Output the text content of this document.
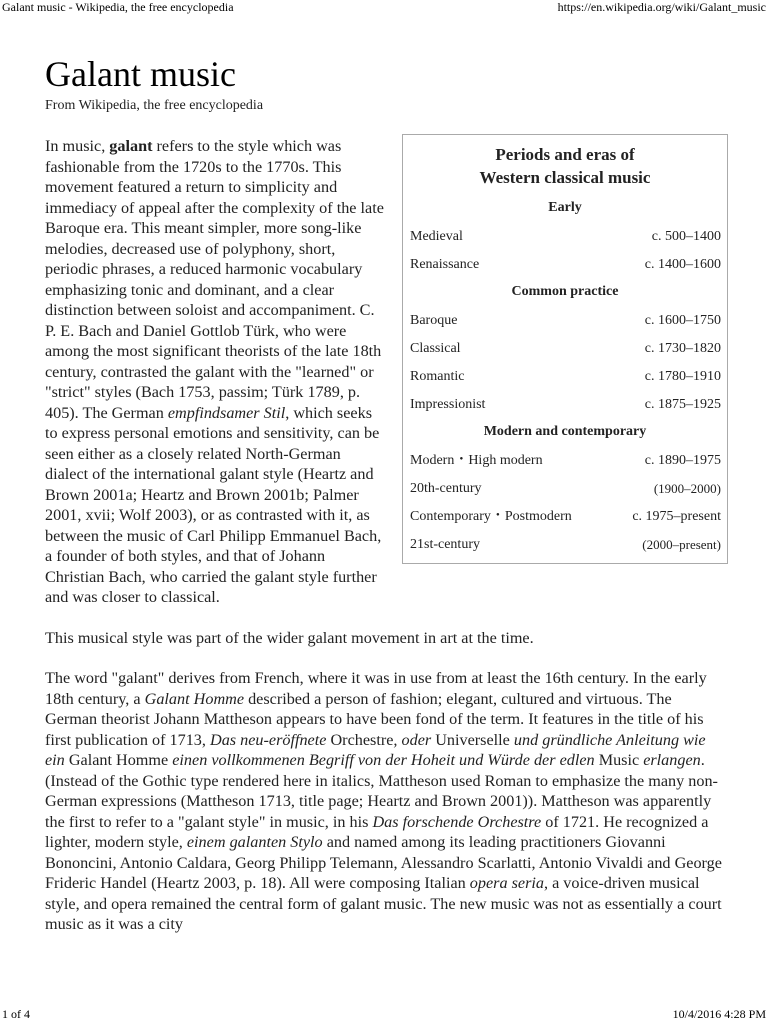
Galant music - Wikipedia, the free encyclopedia	https://en.wikipedia.org/wiki/Galant_music
Galant music
From Wikipedia, the free encyclopedia
Periods and eras of
Western classical music
Early
Medieval	c. 500–1400
Renaissance	c. 1400–1600
Common practice
Baroque	c. 1600–1750
Classical	c. 1730–1820
Romantic	c. 1780–1910
Impressionist	c. 1875–1925
Modern and contemporary
Modern・High modern	c. 1890–1975
20th-century	(1900–2000)
Contemporary・Postmodern	c. 1975–present
21st-century	(2000–present)

In music, galant refers to the style which was fashionable from the 1720s to the 1770s. This movement featured a return to simplicity and immediacy of appeal after the complexity of the late Baroque era. This meant simpler, more song-like melodies, decreased use of polyphony, short, periodic phrases, a reduced harmonic vocabulary emphasizing tonic and dominant, and a clear distinction between soloist and accompaniment. C. P. E. Bach and Daniel Gottlob Türk, who were among the most significant theorists of the late 18th century, contrasted the galant with the "learned" or "strict" styles (Bach 1753, passim; Türk 1789, p. 405). The German empfindsamer Stil, which seeks to express personal emotions and sensitivity, can be seen either as a closely related North-German dialect of the international galant style (Heartz and Brown 2001a; Heartz and Brown 2001b; Palmer 2001, xvii; Wolf 2003), or as contrasted with it, as between the music of Carl Philipp Emmanuel Bach, a founder of both styles, and that of Johann Christian Bach, who carried the galant style further and was closer to classical.

This musical style was part of the wider galant movement in art at the time.

The word "galant" derives from French, where it was in use from at least the 16th century. In the early 18th century, a Galant Homme described a person of fashion; elegant, cultured and virtuous. The German theorist Johann Mattheson appears to have been fond of the term. It features in the title of his first publication of 1713, Das neu-eröffnete Orchestre, oder Universelle und gründliche Anleitung wie ein Galant Homme einen vollkommenen Begriff von der Hoheit und Würde der edlen Music erlangen. (Instead of the Gothic type rendered here in italics, Mattheson used Roman to emphasize the many non-German expressions (Mattheson 1713, title page; Heartz and Brown 2001)). Mattheson was apparently the first to refer to a "galant style" in music, in his Das forschende Orchestre of 1721. He recognized a lighter, modern style, einem galanten Stylo and named among its leading practitioners Giovanni Bononcini, Antonio Caldara, Georg Philipp Telemann, Alessandro Scarlatti, Antonio Vivaldi and George Frideric Handel (Heartz 2003, p. 18). All were composing Italian opera seria, a voice-driven musical style, and opera remained the central form of galant music. The new music was not as essentially a court music as it was a city

1 of 4	10/4/2016 4:28 PM
